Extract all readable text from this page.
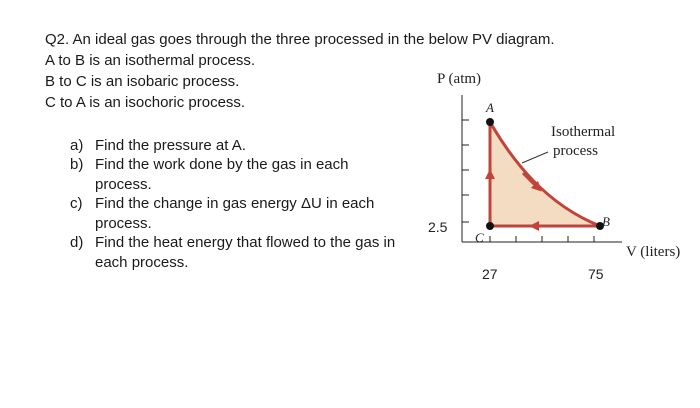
Q2. An ideal gas goes through the three processed in the below PV diagram.
A to B is an isothermal process.
B to C is an isobaric process.
C to A is an isochoric process.
a) Find the pressure at A.
b) Find the work done by the gas in each
process.
c) Find the change in gas energy ΔU in each
process.
d) Find the heat energy that flowed to the gas in
each process.
P (atm)
V (liters)
A
B
C
2.5
27	75
Isothermal
process
